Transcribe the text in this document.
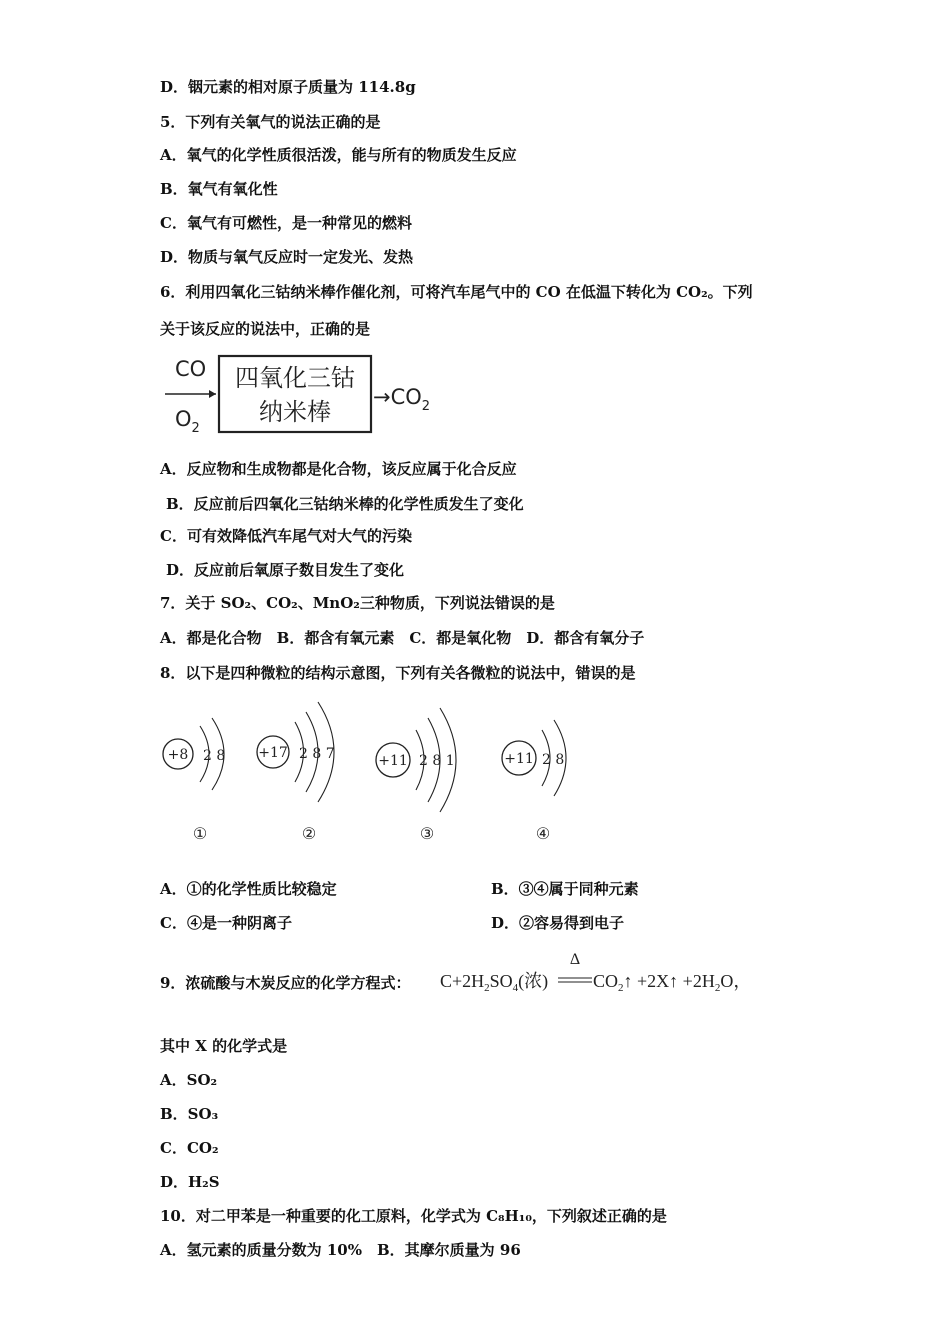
D．铟元素的相对原子质量为 114.8g
5．下列有关氧气的说法正确的是
A．氧气的化学性质很活泼，能与所有的物质发生反应
B．氧气有氧化性
C．氧气有可燃性，是一种常见的燃料
D．物质与氧气反应时一定发光、发热
6．利用四氧化三钴纳米棒作催化剂，可将汽车尾气中的 CO 在低温下转化为 CO₂。下列
关于该反应的说法中，正确的是
CO
$O_2$
四氧化三钴
纳米棒
$\to CO_2$
A．反应物和生成物都是化合物，该反应属于化合反应
B．反应前后四氧化三钴纳米棒的化学性质发生了变化
C．可有效降低汽车尾气对大气的污染
D．反应前后氧原子数目发生了变化
7．关于 SO₂、CO₂、MnO₂三种物质，下列说法错误的是
A．都是化合物　B．都含有氧元素　C．都是氧化物　D．都含有氧分子
8．以下是四种微粒的结构示意图，下列有关各微粒的说法中，错误的是
+8 2 8
①
+17 2 8 7
②
+11 2 8 1
③
+11 2 8
④
A．①的化学性质比较稳定	B．③④属于同种元素
C．④是一种阴离子	D．②容易得到电子
9．浓硫酸与木炭反应的化学方程式： $C+2H_2SO_4$(浓)
Δ
$CO_2↑$ +2X↑ $+2H_2O$，
其中 X 的化学式是
A．SO₂
B．SO₃
C．CO₂
D．H₂S
10．对二甲苯是一种重要的化工原料，化学式为 C₈H₁₀，下列叙述正确的是
A．氢元素的质量分数为 10%　B．其摩尔质量为 96
